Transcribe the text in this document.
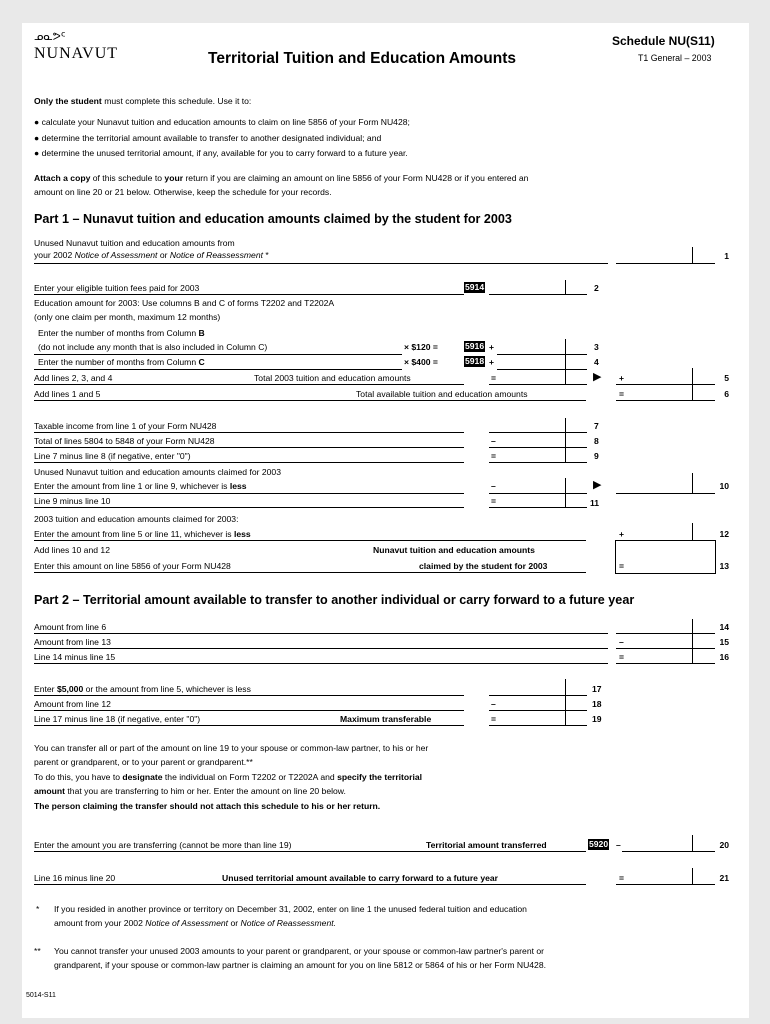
ᓄᓇᕗᑦ
NUNAVUT	Territorial Tuition and Education Amounts
Schedule NU(S11)
T1 General – 2003
Only the student must complete this schedule. Use it to:
● calculate your Nunavut tuition and education amounts to claim on line 5856 of your Form NU428;
● determine the territorial amount available to transfer to another designated individual; and
● determine the unused territorial amount, if any, available for you to carry forward to a future year.
Attach a copy of this schedule to your return if you are claiming an amount on line 5856 of your Form NU428 or if you entered an
amount on line 20 or 21 below. Otherwise, keep the schedule for your records.
Part 1 – Nunavut tuition and education amounts claimed by the student for 2003
Unused Nunavut tuition and education amounts from
your 2002 Notice of Assessment or Notice of Reassessment *	1
Enter your eligible tuition fees paid for 2003	5914	2
Education amount for 2003: Use columns B and C of forms T2202 and T2202A
(only one claim per month, maximum 12 months)
Enter the number of months from Column B
(do not include any month that is also included in Column C)	× $120 =	5916 +	3
Enter the number of months from Column C	× $400 =	5918 +	4
Add lines 2, 3, and 4	Total 2003 tuition and education amounts	=	▶ +	5
Add lines 1 and 5	Total available tuition and education amounts	=	6
Taxable income from line 1 of your Form NU428	7
Total of lines 5804 to 5848 of your Form NU428	–	8
Line 7 minus line 8 (if negative, enter "0")	=	9
Unused Nunavut tuition and education amounts claimed for 2003
Enter the amount from line 1 or line 9, whichever is less	–	▶	10
Line 9 minus line 10	=	11
2003 tuition and education amounts claimed for 2003:
Enter the amount from line 5 or line 11, whichever is less	+	12
Add lines 10 and 12
Enter this amount on line 5856 of your Form NU428
Nunavut tuition and education amounts
claimed by the student for 2003	=	13
Part 2 – Territorial amount available to transfer to another individual or carry forward to a future year
Amount from line 6	14
Amount from line 13	–	15
Line 14 minus line 15	=	16
Enter $5,000 or the amount from line 5, whichever is less	17
Amount from line 12	–	18
Line 17 minus line 18 (if negative, enter "0")	Maximum transferable	=	19
You can transfer all or part of the amount on line 19 to your spouse or common-law partner, to his or her
parent or grandparent, or to your parent or grandparent.**
To do this, you have to designate the individual on Form T2202 or T2202A and specify the territorial
amount that you are transferring to him or her. Enter the amount on line 20 below.
The person claiming the transfer should not attach this schedule to his or her return.
Enter the amount you are transferring (cannot be more than line 19)	Territorial amount transferred	5920 –	20
Line 16 minus line 20	Unused territorial amount available to carry forward to a future year	=	21
* If you resided in another province or territory on December 31, 2002, enter on line 1 the unused federal tuition and education
amount from your 2002 Notice of Assessment or Notice of Reassessment.
** You cannot transfer your unused 2003 amounts to your parent or grandparent, or your spouse or common-law partner's parent or
grandparent, if your spouse or common-law partner is claiming an amount for you on line 5812 or 5864 of his or her Form NU428.
5014-S11
